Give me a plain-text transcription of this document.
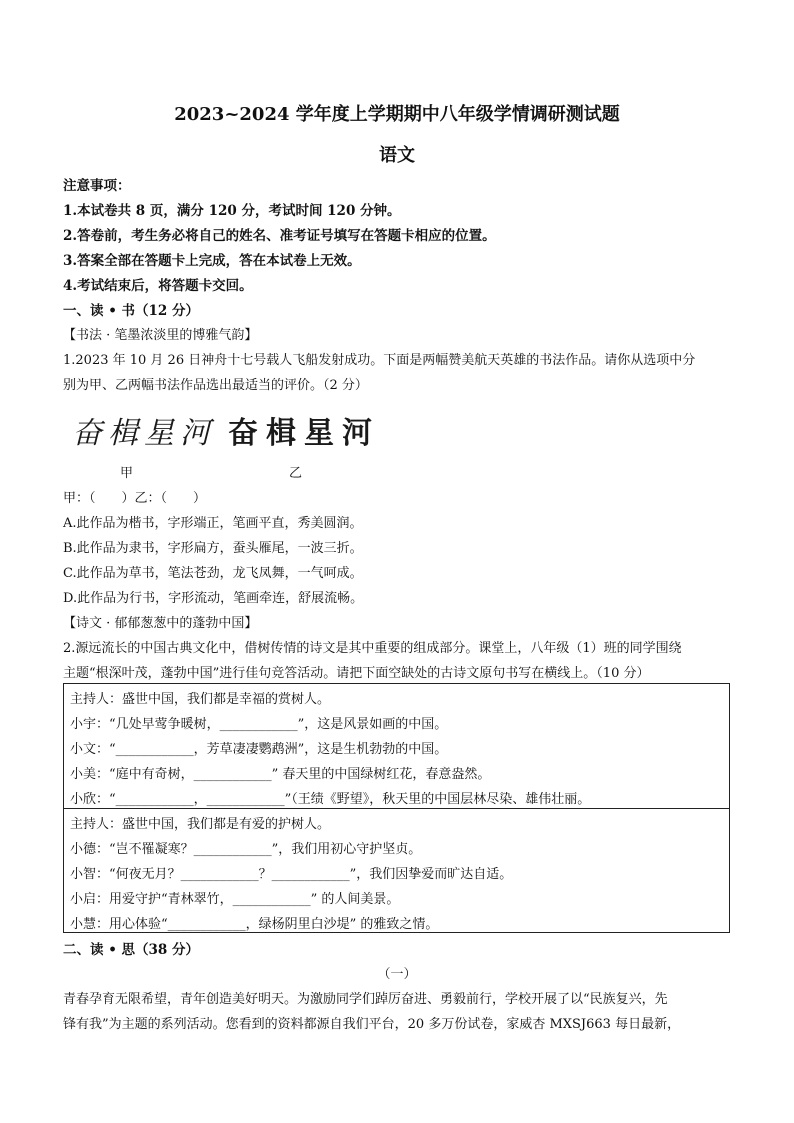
2023~2024 学年度上学期期中八年级学情调研测试题
语文
注意事项：
1.本试卷共 8 页，满分 120 分，考试时间 120 分钟。
2.答卷前，考生务必将自己的姓名、准考证号填写在答题卡相应的位置。
3.答案全部在答题卡上完成，答在本试卷上无效。
4.考试结束后，将答题卡交回。
一、读 • 书（12 分）
【书法 · 笔墨浓淡里的博雅气韵】
1.2023 年 10 月 26 日神舟十七号载人飞船发射成功。下面是两幅赞美航天英雄的书法作品。请你从选项中分
别为甲、乙两幅书法作品选出最适当的评价。（2 分）
奋楫星河 奋楫星河
甲	乙
甲：（　　）乙：（　　）
A.此作品为楷书，字形端正，笔画平直，秀美圆润。
B.此作品为隶书，字形扁方，蚕头雁尾，一波三折。
C.此作品为草书，笔法苍劲，龙飞凤舞，一气呵成。
D.此作品为行书，字形流动，笔画牵连，舒展流畅。
【诗文 · 郁郁葱葱中的蓬勃中国】
2.源远流长的中国古典文化中，借树传情的诗文是其中重要的组成部分。课堂上，八年级（1）班的同学围绕
主题“根深叶茂，蓬勃中国”进行佳句竞答活动。请把下面空缺处的古诗文原句书写在横线上。（10 分）
主持人：盛世中国，我们都是幸福的赏树人。
小宇：“几处早莺争暖树，____________”，这是风景如画的中国。
小文：“____________，芳草凄凄鹦鹉洲”，这是生机勃勃的中国。
小美：“庭中有奇树，____________” 春天里的中国绿树红花，春意盎然。
小欣：“____________，____________”（王绩《野望》，秋天里的中国层林尽染、雄伟壮丽。
主持人：盛世中国，我们都是有爱的护树人。
小德：“岂不罹凝寒？____________”，我们用初心守护坚贞。
小智：“何夜无月？____________？____________”，我们因挚爱而旷达自适。
小启：用爱守护“青林翠竹，____________” 的人间美景。
小慧：用心体验“____________，绿杨阴里白沙堤” 的雅致之情。
二、读 • 思（38 分）
（一）
青春孕育无限希望，青年创造美好明天。为激励同学们踔厉奋进、勇毅前行，学校开展了以“民族复兴，先
锋有我”为主题的系列活动。您看到的资料都源自我们平台，20 多万份试卷，家威杏 MXSJ663 每日最新，
